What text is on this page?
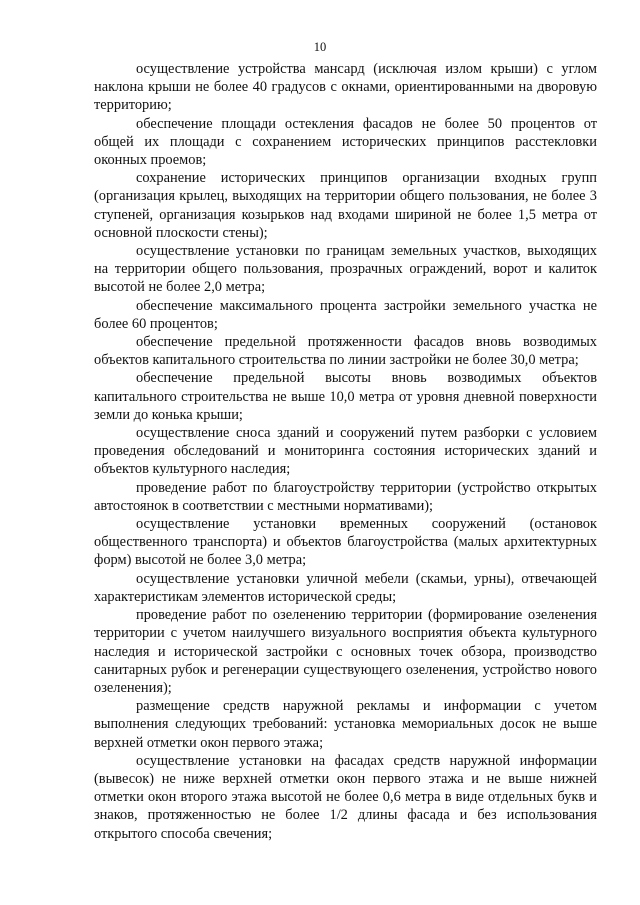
10

осуществление устройства мансард (исключая излом крыши) с углом наклона крыши не более 40 градусов с окнами, ориентированными на дворовую территорию;

обеспечение площади остекления фасадов не более 50 процентов от общей их площади с сохранением исторических принципов расстекловки оконных проемов;

сохранение исторических принципов организации входных групп (организация крылец, выходящих на территории общего пользования, не более 3 ступеней, организация козырьков над входами шириной не более 1,5 метра от основной плоскости стены);

осуществление установки по границам земельных участков, выходящих на территории общего пользования, прозрачных ограждений, ворот и калиток высотой не более 2,0 метра;

обеспечение максимального процента застройки земельного участка не более 60 процентов;

обеспечение предельной протяженности фасадов вновь возводимых объектов капитального строительства по линии застройки не более 30,0 метра;

обеспечение предельной высоты вновь возводимых объектов капитального строительства не выше 10,0 метра от уровня дневной поверхности земли до конька крыши;

осуществление сноса зданий и сооружений путем разборки с условием проведения обследований и мониторинга состояния исторических зданий и объектов культурного наследия;

проведение работ по благоустройству территории (устройство открытых автостоянок в соответствии с местными нормативами);

осуществление установки временных сооружений (остановок общественного транспорта) и объектов благоустройства (малых архитектурных форм) высотой не более 3,0 метра;

осуществление установки уличной мебели (скамьи, урны), отвечающей характеристикам элементов исторической среды;

проведение работ по озеленению территории (формирование озеленения территории с учетом наилучшего визуального восприятия объекта культурного наследия и исторической застройки с основных точек обзора, производство санитарных рубок и регенерации существующего озеленения, устройство нового озеленения);

размещение средств наружной рекламы и информации с учетом выполнения следующих требований: установка мемориальных досок не выше верхней отметки окон первого этажа;

осуществление установки на фасадах средств наружной информации (вывесок) не ниже верхней отметки окон первого этажа и не выше нижней отметки окон второго этажа высотой не более 0,6 метра в виде отдельных букв и знаков, протяженностью не более 1/2 длины фасада и без использования открытого способа свечения;
